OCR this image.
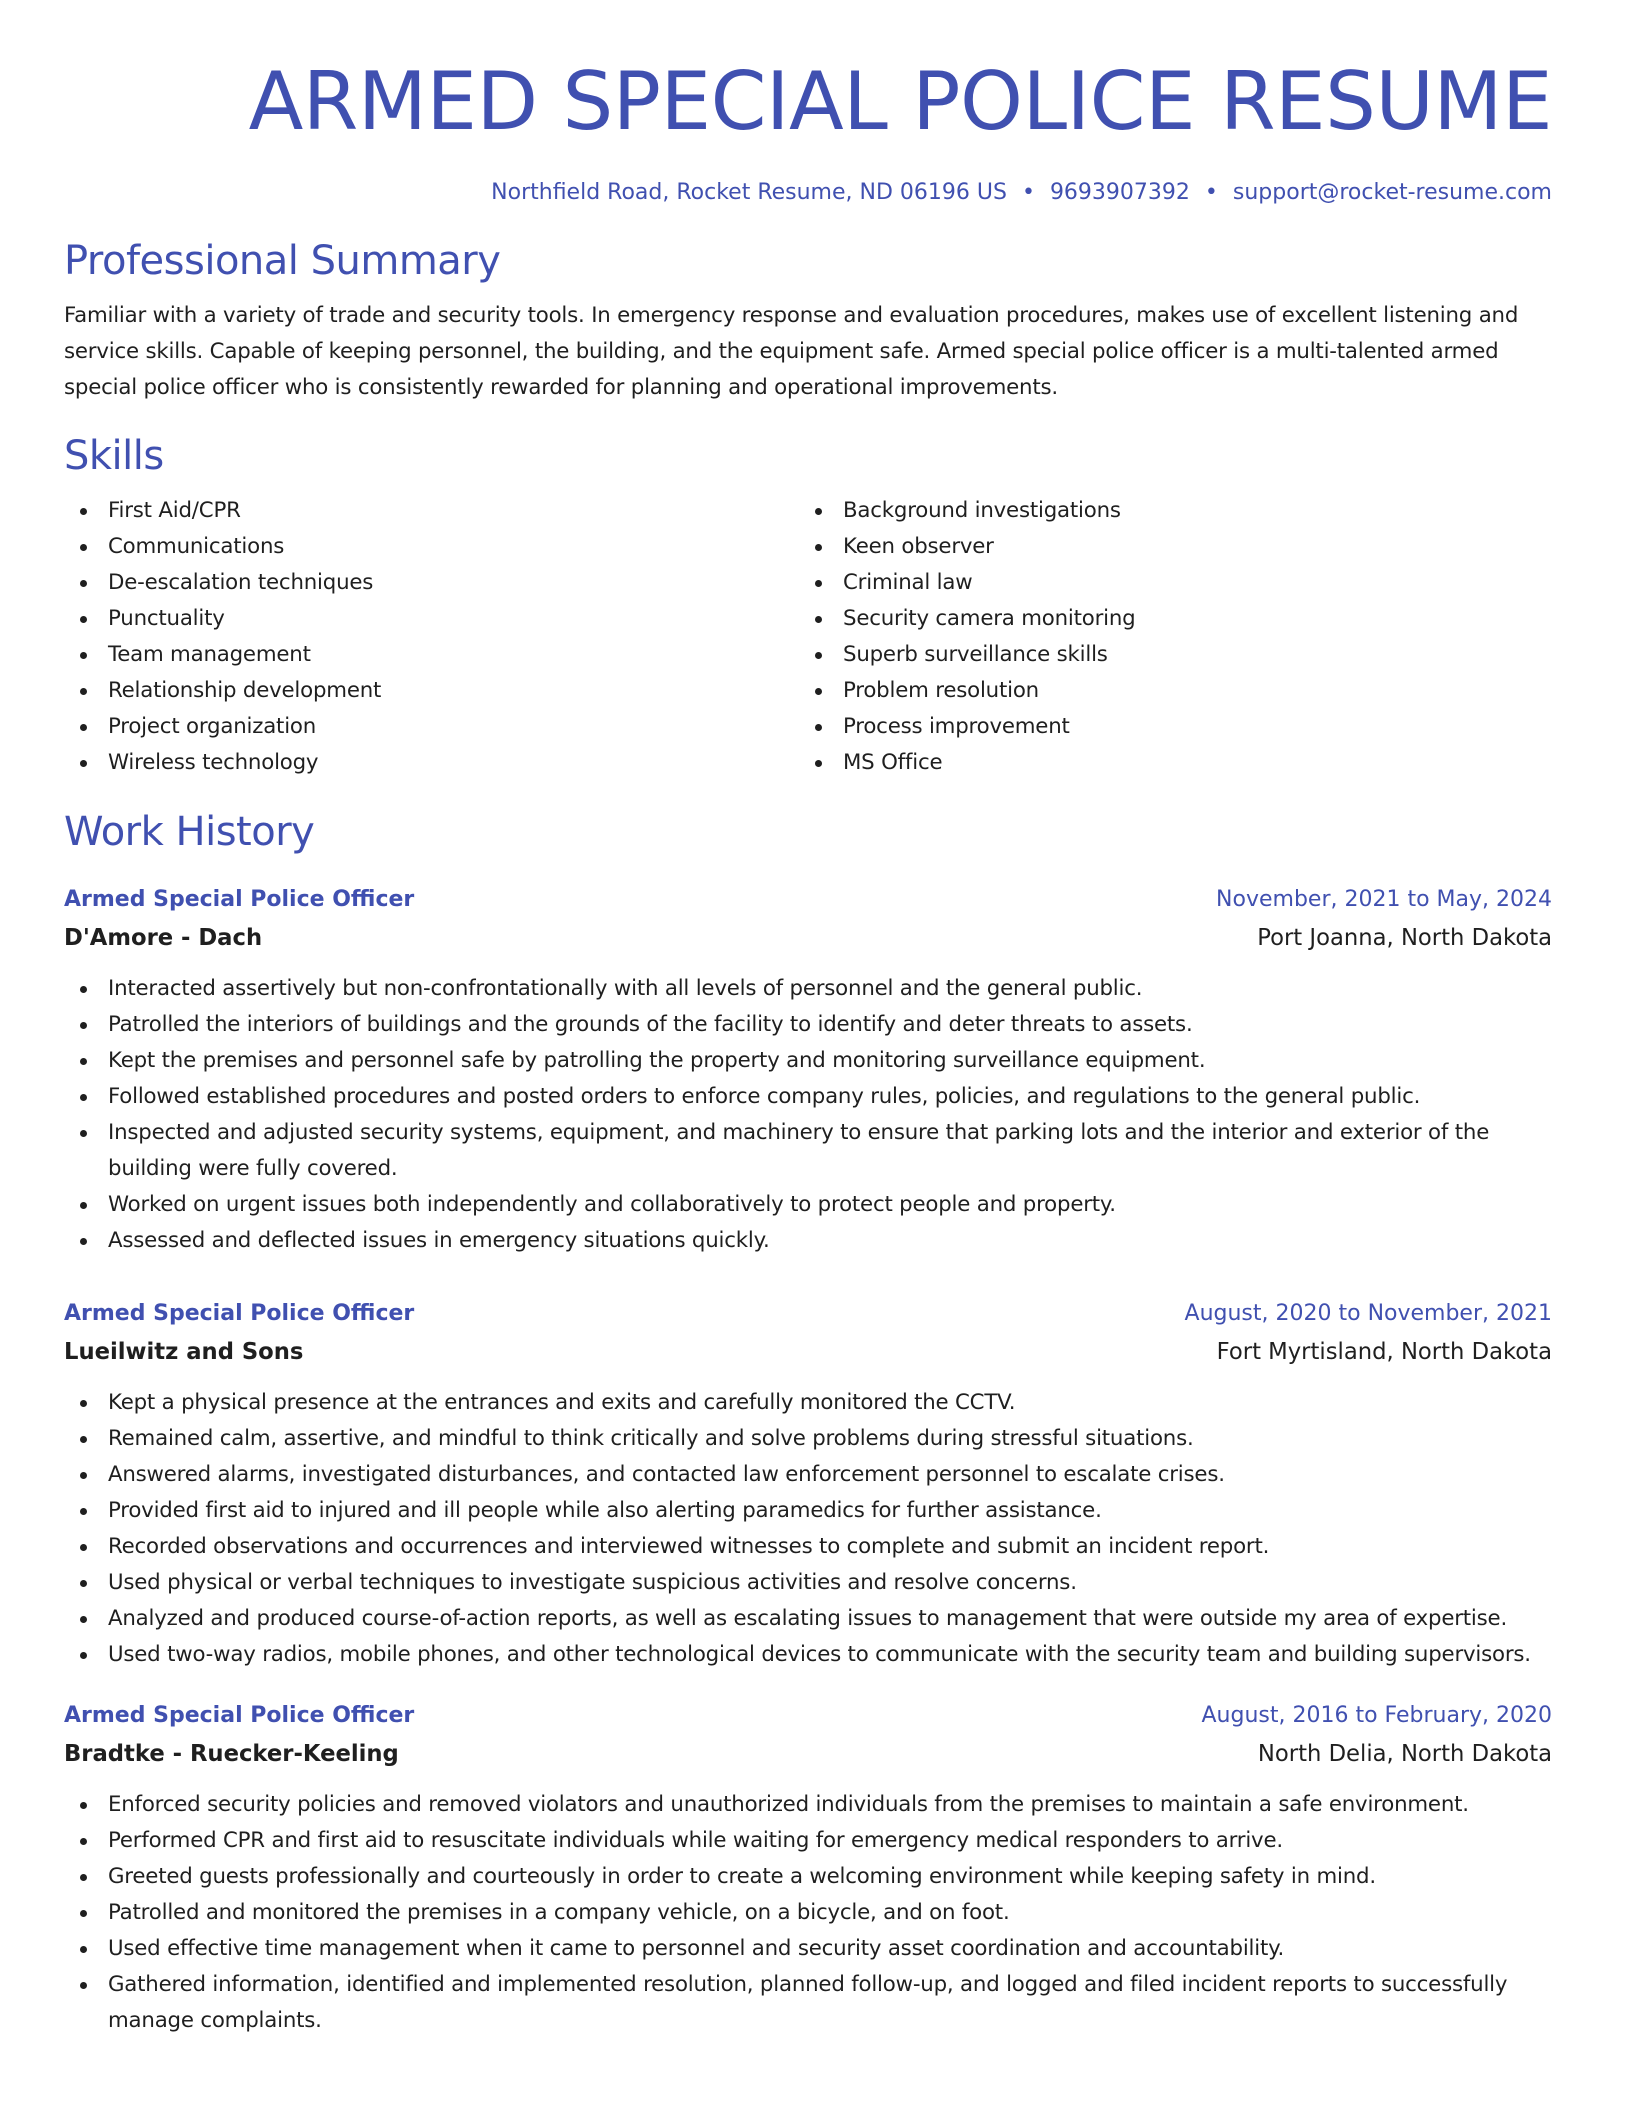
ARMED SPECIAL POLICE RESUME
Northfield Road, Rocket Resume, ND 06196 US • 9693907392 • support@rocket-resume.com
Professional Summary

Familiar with a variety of trade and security tools. In emergency response and evaluation procedures, makes use of excellent listening and service skills. Capable of keeping personnel, the building, and the equipment safe. Armed special police officer is a multi-talented armed special police officer who is consistently rewarded for planning and operational improvements.

Skills
First Aid/CPR
Communications
De-escalation techniques
Punctuality
Team management
Relationship development
Project organization
Wireless technology
Background investigations
Keen observer
Criminal law
Security camera monitoring
Superb surveillance skills
Problem resolution
Process improvement
MS Office
Work History
Armed Special Police Officer	November, 2021 to May, 2024
D'Amore - Dach	Port Joanna, North Dakota
Interacted assertively but non-confrontationally with all levels of personnel and the general public.
Patrolled the interiors of buildings and the grounds of the facility to identify and deter threats to assets.
Kept the premises and personnel safe by patrolling the property and monitoring surveillance equipment.
Followed established procedures and posted orders to enforce company rules, policies, and regulations to the general public.
Inspected and adjusted security systems, equipment, and machinery to ensure that parking lots and the interior and exterior of the building were fully covered.
Worked on urgent issues both independently and collaboratively to protect people and property.
Assessed and deflected issues in emergency situations quickly.
Armed Special Police Officer	August, 2020 to November, 2021
Lueilwitz and Sons	Fort Myrtisland, North Dakota
Kept a physical presence at the entrances and exits and carefully monitored the CCTV.
Remained calm, assertive, and mindful to think critically and solve problems during stressful situations.
Answered alarms, investigated disturbances, and contacted law enforcement personnel to escalate crises.
Provided first aid to injured and ill people while also alerting paramedics for further assistance.
Recorded observations and occurrences and interviewed witnesses to complete and submit an incident report.
Used physical or verbal techniques to investigate suspicious activities and resolve concerns.
Analyzed and produced course-of-action reports, as well as escalating issues to management that were outside my area of expertise.
Used two-way radios, mobile phones, and other technological devices to communicate with the security team and building supervisors.
Armed Special Police Officer	August, 2016 to February, 2020
Bradtke - Ruecker-Keeling	North Delia, North Dakota
Enforced security policies and removed violators and unauthorized individuals from the premises to maintain a safe environment.
Performed CPR and first aid to resuscitate individuals while waiting for emergency medical responders to arrive.
Greeted guests professionally and courteously in order to create a welcoming environment while keeping safety in mind.
Patrolled and monitored the premises in a company vehicle, on a bicycle, and on foot.
Used effective time management when it came to personnel and security asset coordination and accountability.
Gathered information, identified and implemented resolution, planned follow-up, and logged and filed incident reports to successfully manage complaints.
